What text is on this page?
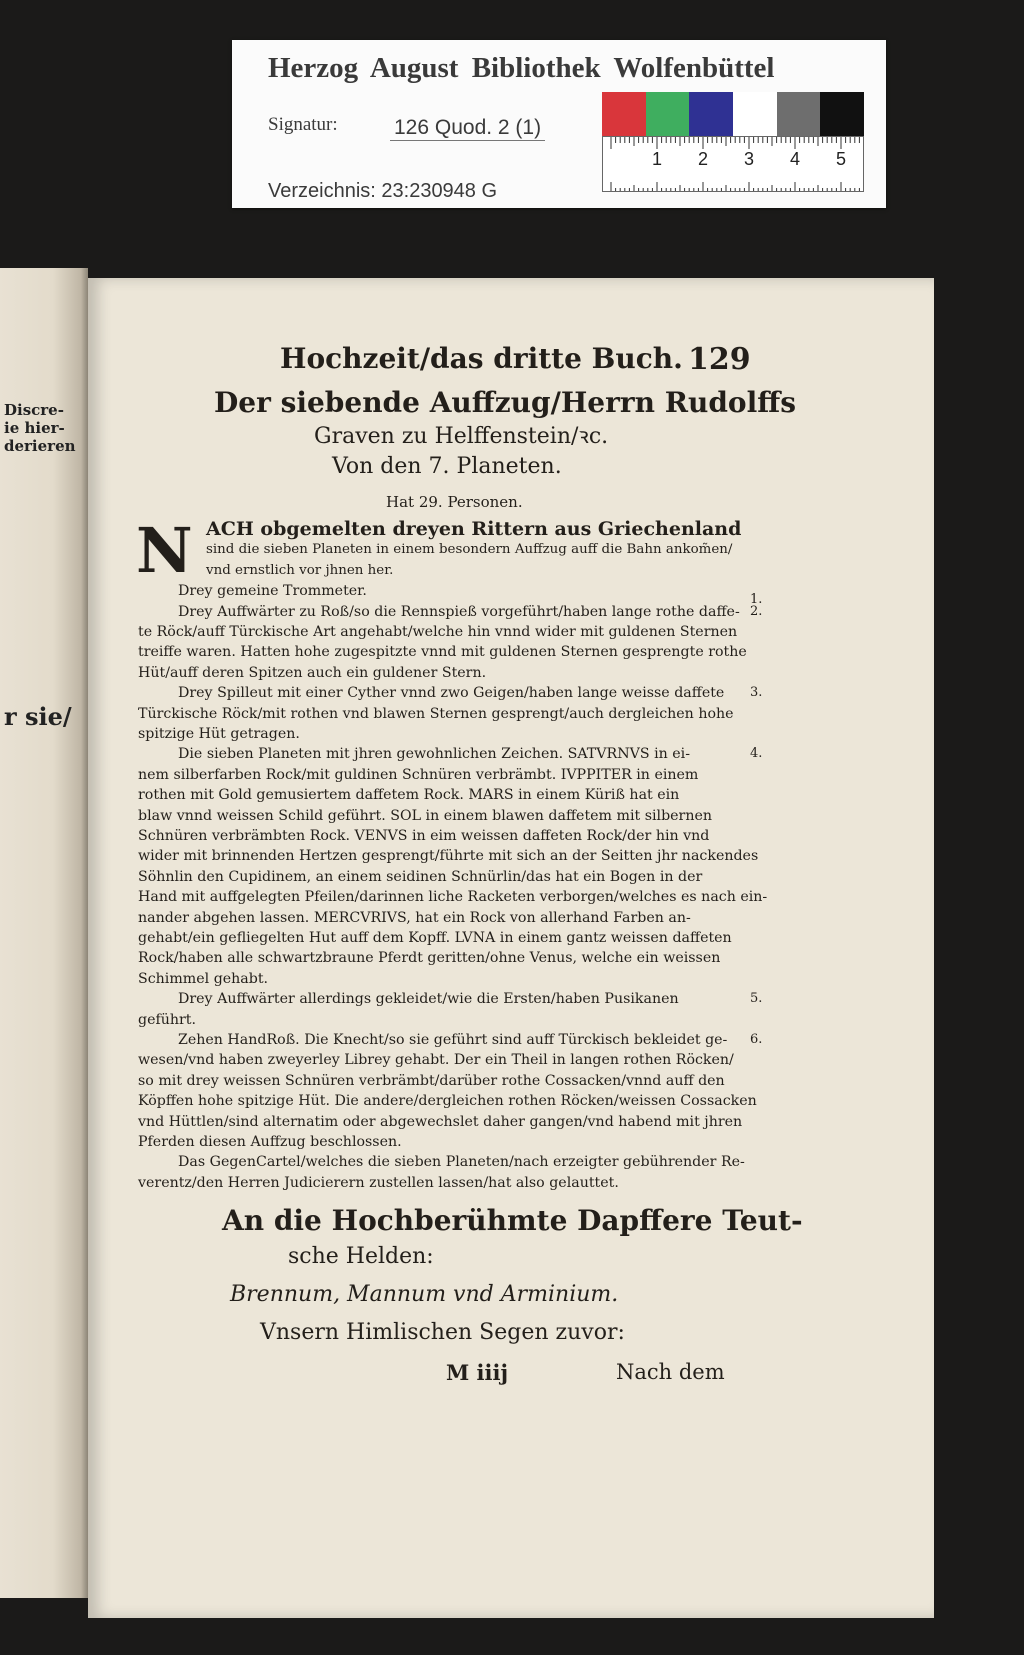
Discre-
ie hier-
derieren
r sie/
Hochzeit/das dritte Buch. 129
Der siebende Auffzug/Herrn Rudolffs
Graven zu Helffenstein/ꝛc.
Von den 7. Planeten.
Hat 29. Personen.
N ACH obgemelten dreyen Rittern aus Griechenland
sind die sieben Planeten in einem besondern Auffzug auff die Bahn ankom̃en/
vnd ernstlich vor jhnen her.
Drey gemeine Trommeter.
Drey Auffwärter zu Roß/so die Rennspieß vorgeführt/haben lange rothe daffe-
te Röck/auff Türckische Art angehabt/welche hin vnnd wider mit guldenen Sternen
treiffe waren. Hatten hohe zugespitzte vnnd mit guldenen Sternen gesprengte rothe
Hüt/auff deren Spitzen auch ein guldener Stern.
Drey Spilleut mit einer Cyther vnnd zwo Geigen/haben lange weisse daffete
Türckische Röck/mit rothen vnd blawen Sternen gesprengt/auch dergleichen hohe
spitzige Hüt getragen.
Die sieben Planeten mit jhren gewohnlichen Zeichen. SATVRNVS in ei-
nem silberfarben Rock/mit guldinen Schnüren verbrämbt. IVPPITER in einem
rothen mit Gold gemusiertem daffetem Rock. MARS in einem Küriß hat ein
blaw vnnd weissen Schild geführt. SOL in einem blawen daffetem mit silbernen
Schnüren verbrämbten Rock. VENVS in eim weissen daffeten Rock/der hin vnd
wider mit brinnenden Hertzen gesprengt/führte mit sich an der Seitten jhr nackendes
Söhnlin den Cupidinem, an einem seidinen Schnürlin/das hat ein Bogen in der
Hand mit auffgelegten Pfeilen/darinnen liche Racketen verborgen/welches es nach ein-
nander abgehen lassen. MERCVRIVS, hat ein Rock von allerhand Farben an-
gehabt/ein gefliegelten Hut auff dem Kopff. LVNA in einem gantz weissen daffeten
Rock/haben alle schwartzbraune Pferdt geritten/ohne Venus, welche ein weissen
Schimmel gehabt.
Drey Auffwärter allerdings gekleidet/wie die Ersten/haben Pusikanen
geführt.
Zehen HandRoß. Die Knecht/so sie geführt sind auff Türckisch bekleidet ge-
wesen/vnd haben zweyerley Librey gehabt. Der ein Theil in langen rothen Röcken/
so mit drey weissen Schnüren verbrämbt/darüber rothe Cossacken/vnnd auff den
Köpffen hohe spitzige Hüt. Die andere/dergleichen rothen Röcken/weissen Cossacken
vnd Hüttlen/sind alternatim oder abgewechslet daher gangen/vnd habend mit jhren
Pferden diesen Auffzug beschlossen.
Das GegenCartel/welches die sieben Planeten/nach erzeigter gebührender Re-
verentz/den Herren Judicierern zustellen lassen/hat also gelauttet.
1.
2.
3.
4.
5.
6.
An die Hochberühmte Dapffere Teut-
sche Helden:
Brennum, Mannum vnd Arminium.
Vnsern Himlischen Segen zuvor:
M iiij	Nach dem
Herzog August Bibliothek Wolfenbüttel
Signatur:	126 Quod. 2 (1)
Verzeichnis: 23:230948 G
1 2 3 4 5
